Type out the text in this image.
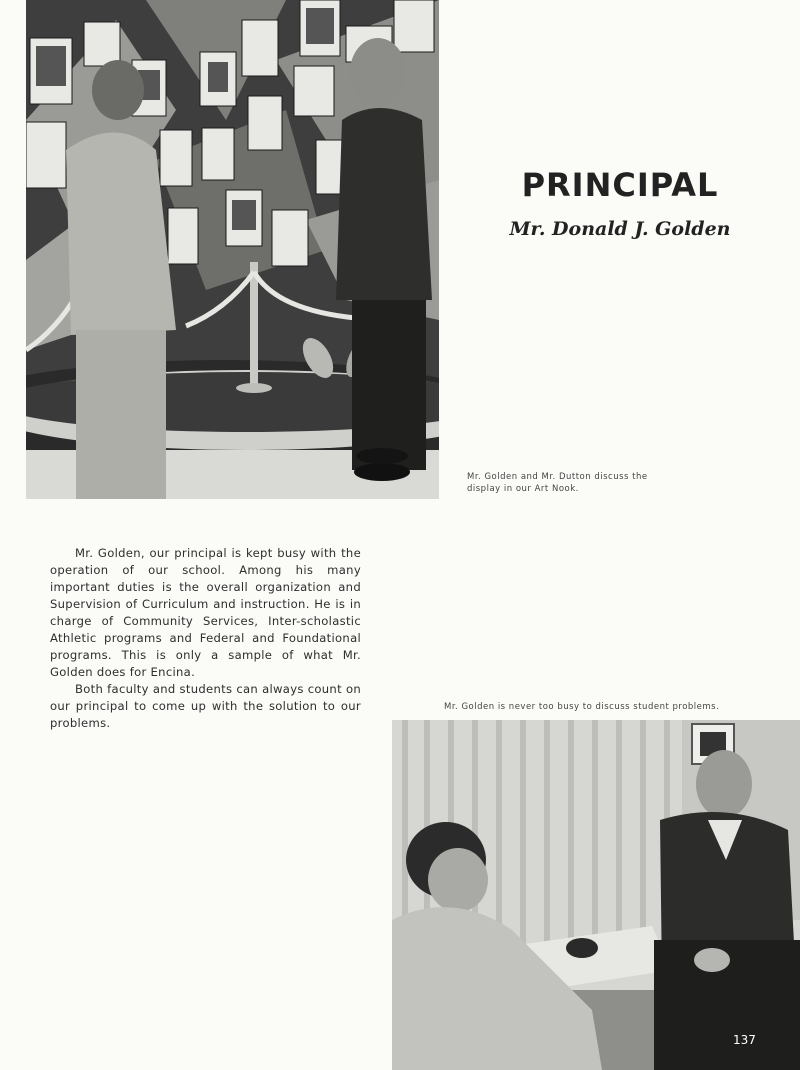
PRINCIPAL
Mr. Donald J. Golden
Mr. Golden and Mr. Dutton discuss the display in our Art Nook.

Mr. Golden, our principal is kept busy with the operation of our school. Among his many important duties is the overall organization and Supervision of Curriculum and instruction. He is in charge of Community Services, Inter-scholastic Athletic programs and Federal and Foundational programs. This is only a sample of what Mr. Golden does for Encina.

Both faculty and students can always count on our principal to come up with the solution to our problems.

Mr. Golden is never too busy to discuss student problems.
137
